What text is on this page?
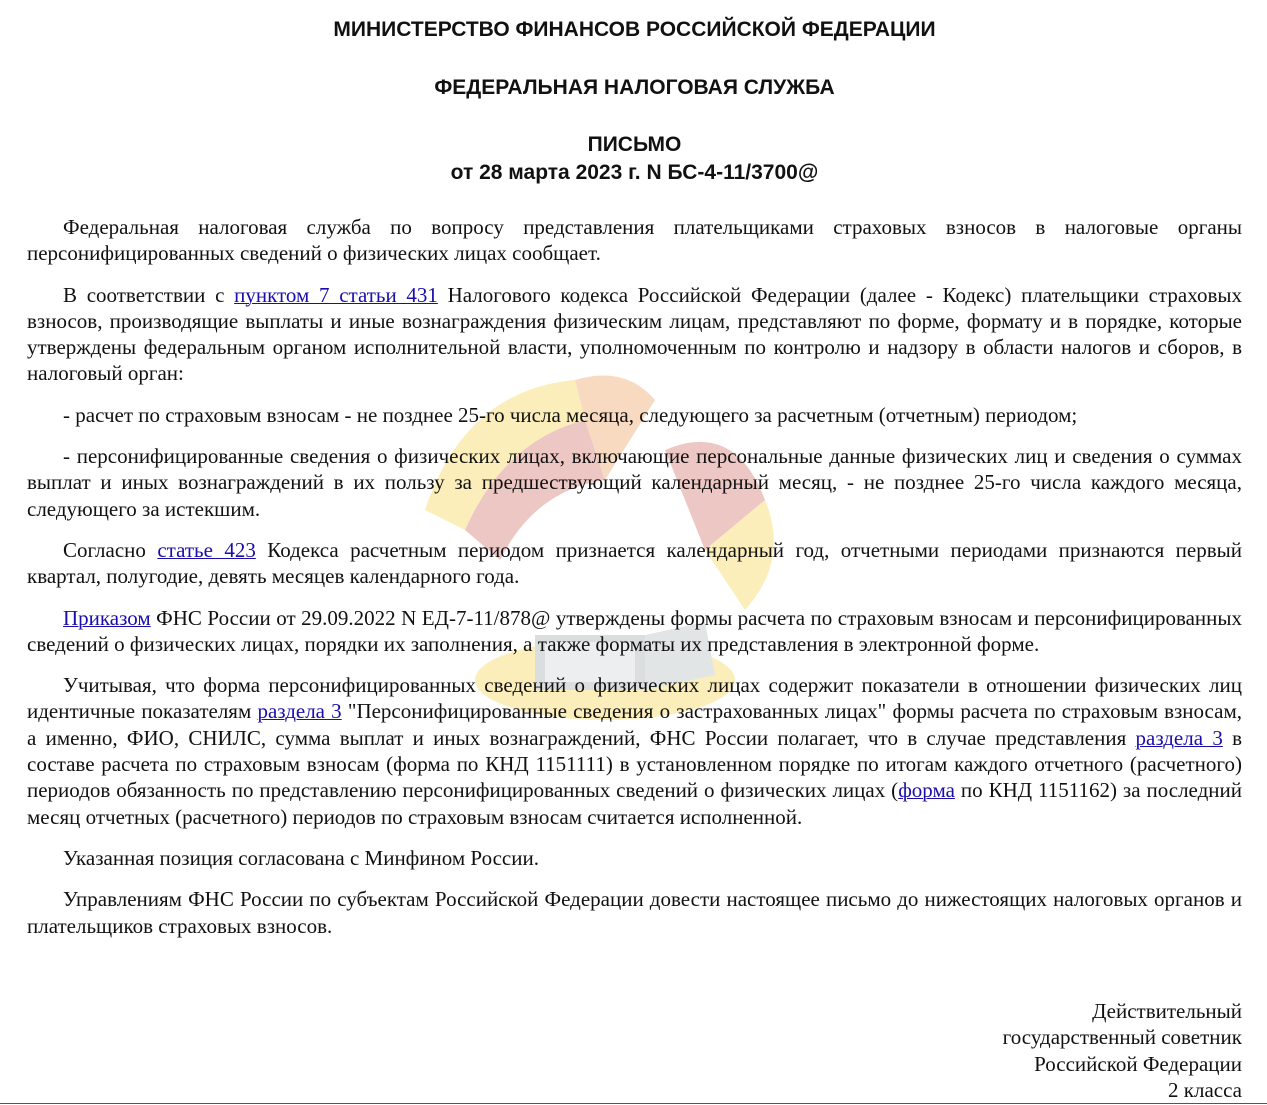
МИНИСТЕРСТВО ФИНАНСОВ РОССИЙСКОЙ ФЕДЕРАЦИИ
ФЕДЕРАЛЬНАЯ НАЛОГОВАЯ СЛУЖБА
ПИСЬМО
от 28 марта 2023 г. N БС-4-11/3700@

Федеральная налоговая служба по вопросу представления плательщиками страховых взносов в налоговые органы персонифицированных сведений о физических лицах сообщает.

В соответствии с пунктом 7 статьи 431 Налогового кодекса Российской Федерации (далее - Кодекс) плательщики страховых взносов, производящие выплаты и иные вознаграждения физическим лицам, представляют по форме, формату и в порядке, которые утверждены федеральным органом исполнительной власти, уполномоченным по контролю и надзору в области налогов и сборов, в налоговый орган:

- расчет по страховым взносам - не позднее 25-го числа месяца, следующего за расчетным (отчетным) периодом;

- персонифицированные сведения о физических лицах, включающие персональные данные физических лиц и сведения о суммах выплат и иных вознаграждений в их пользу за предшествующий календарный месяц, - не позднее 25-го числа каждого месяца, следующего за истекшим.

Согласно статье 423 Кодекса расчетным периодом признается календарный год, отчетными периодами признаются первый квартал, полугодие, девять месяцев календарного года.

Приказом ФНС России от 29.09.2022 N ЕД-7-11/878@ утверждены формы расчета по страховым взносам и персонифицированных сведений о физических лицах, порядки их заполнения, а также форматы их представления в электронной форме.

Учитывая, что форма персонифицированных сведений о физических лицах содержит показатели в отношении физических лиц идентичные показателям раздела 3 "Персонифицированные сведения о застрахованных лицах" формы расчета по страховым взносам, а именно, ФИО, СНИЛС, сумма выплат и иных вознаграждений, ФНС России полагает, что в случае представления раздела 3 в составе расчета по страховым взносам (форма по КНД 1151111) в установленном порядке по итогам каждого отчетного (расчетного) периодов обязанность по представлению персонифицированных сведений о физических лицах (форма по КНД 1151162) за последний месяц отчетных (расчетного) периодов по страховым взносам считается исполненной.

Указанная позиция согласована с Минфином России.

Управлениям ФНС России по субъектам Российской Федерации довести настоящее письмо до нижестоящих налоговых органов и плательщиков страховых взносов.

Действительный
государственный советник
Российской Федерации
2 класса
